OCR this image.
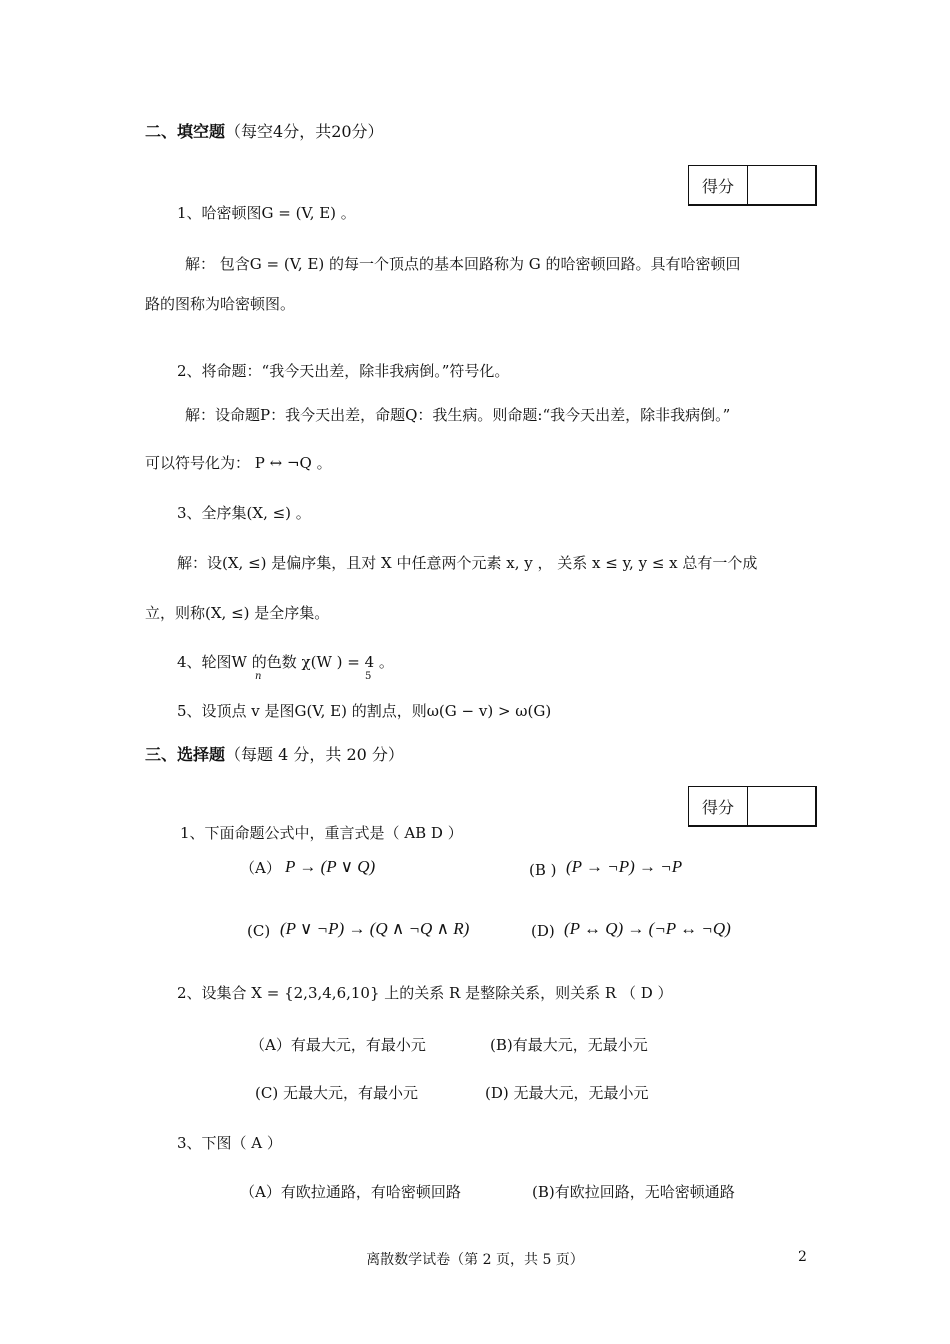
二、填空题（每空4分，共20分）
得分
1、哈密顿图G = (V, E) 。
解： 包含G = (V, E) 的每一个顶点的基本回路称为 G 的哈密顿回路。具有哈密顿回
路的图称为哈密顿图。
2、将命题：“我今天出差，除非我病倒。”符号化。
解：设命题P：我今天出差，命题Q：我生病。则命题:“我今天出差，除非我病倒。”
可以符号化为： P ↔ ¬Q 。
3、全序集(X, ≤) 。
解：设(X, ≤) 是偏序集，且对 X 中任意两个元素 x, y ， 关系 x ≤ y, y ≤ x 总有一个成
立，则称(X, ≤) 是全序集。
4、轮图W 的色数 χ(W ) = 4 。
n	5
5、设顶点 v 是图G(V, E) 的割点，则ω(G − v) > ω(G)
三、选择题（每题 4 分，共 20 分）
得分
1、下面命题公式中，重言式是（ AB D ）
（A） P → (P ∨ Q)	(B ) (P → ¬P) → ¬P
(C) (P ∨ ¬P) → (Q ∧ ¬Q ∧ R)	(D) (P ↔ Q) → (¬P ↔ ¬Q)
2、设集合 X = {2,3,4,6,10} 上的关系 R 是整除关系，则关系 R （ D ）
（A）有最大元，有最小元	(B)有最大元，无最小元
(C) 无最大元，有最小元	(D) 无最大元，无最小元
3、下图（ A ）
（A）有欧拉通路，有哈密顿回路	(B)有欧拉回路，无哈密顿通路
离散数学试卷（第 2 页，共 5 页）	2
